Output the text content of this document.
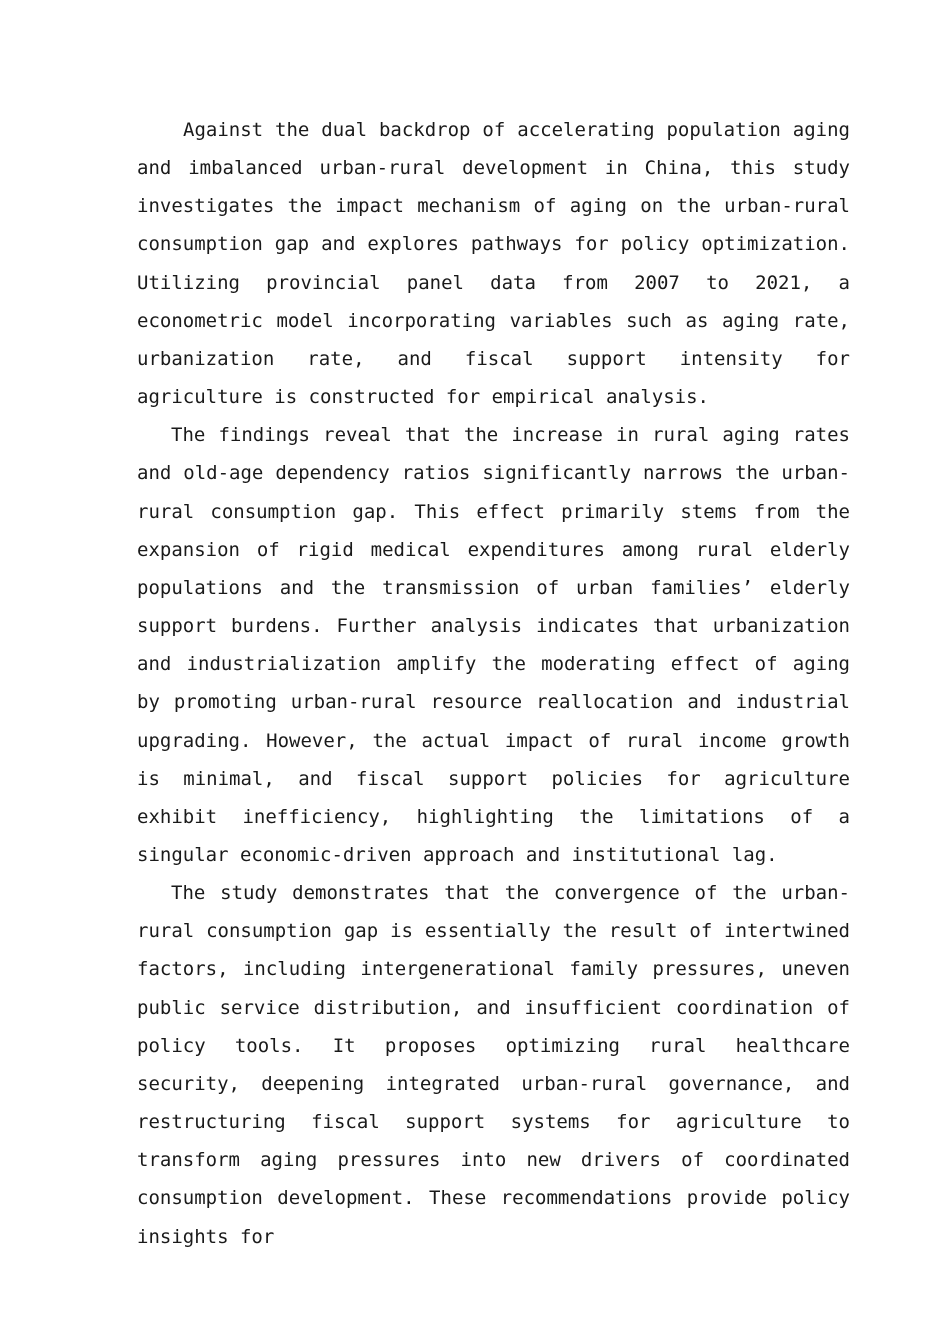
Against the dual backdrop of accelerating population aging and imbalanced urban-rural development in China, this study investigates the impact mechanism of aging on the urban-rural consumption gap and explores pathways for policy optimization. Utilizing provincial panel data from 2007 to 2021, a econometric model incorporating variables such as aging rate, urbanization rate, and fiscal support intensity for agriculture is constructed for empirical analysis.

The findings reveal that the increase in rural aging rates and old-age dependency ratios significantly narrows the urban-rural consumption gap. This effect primarily stems from the expansion of rigid medical expenditures among rural elderly populations and the transmission of urban families’ elderly support burdens. Further analysis indicates that urbanization and industrialization amplify the moderating effect of aging by promoting urban-rural resource reallocation and industrial upgrading. However, the actual impact of rural income growth is minimal, and fiscal support policies for agriculture exhibit inefficiency, highlighting the limitations of a singular economic-driven approach and institutional lag.

The study demonstrates that the convergence of the urban-rural consumption gap is essentially the result of intertwined factors, including intergenerational family pressures, uneven public service distribution, and insufficient coordination of policy tools. It proposes optimizing rural healthcare security, deepening integrated urban-rural governance, and restructuring fiscal support systems for agriculture to transform aging pressures into new drivers of coordinated consumption development. These recommendations provide policy insights for
